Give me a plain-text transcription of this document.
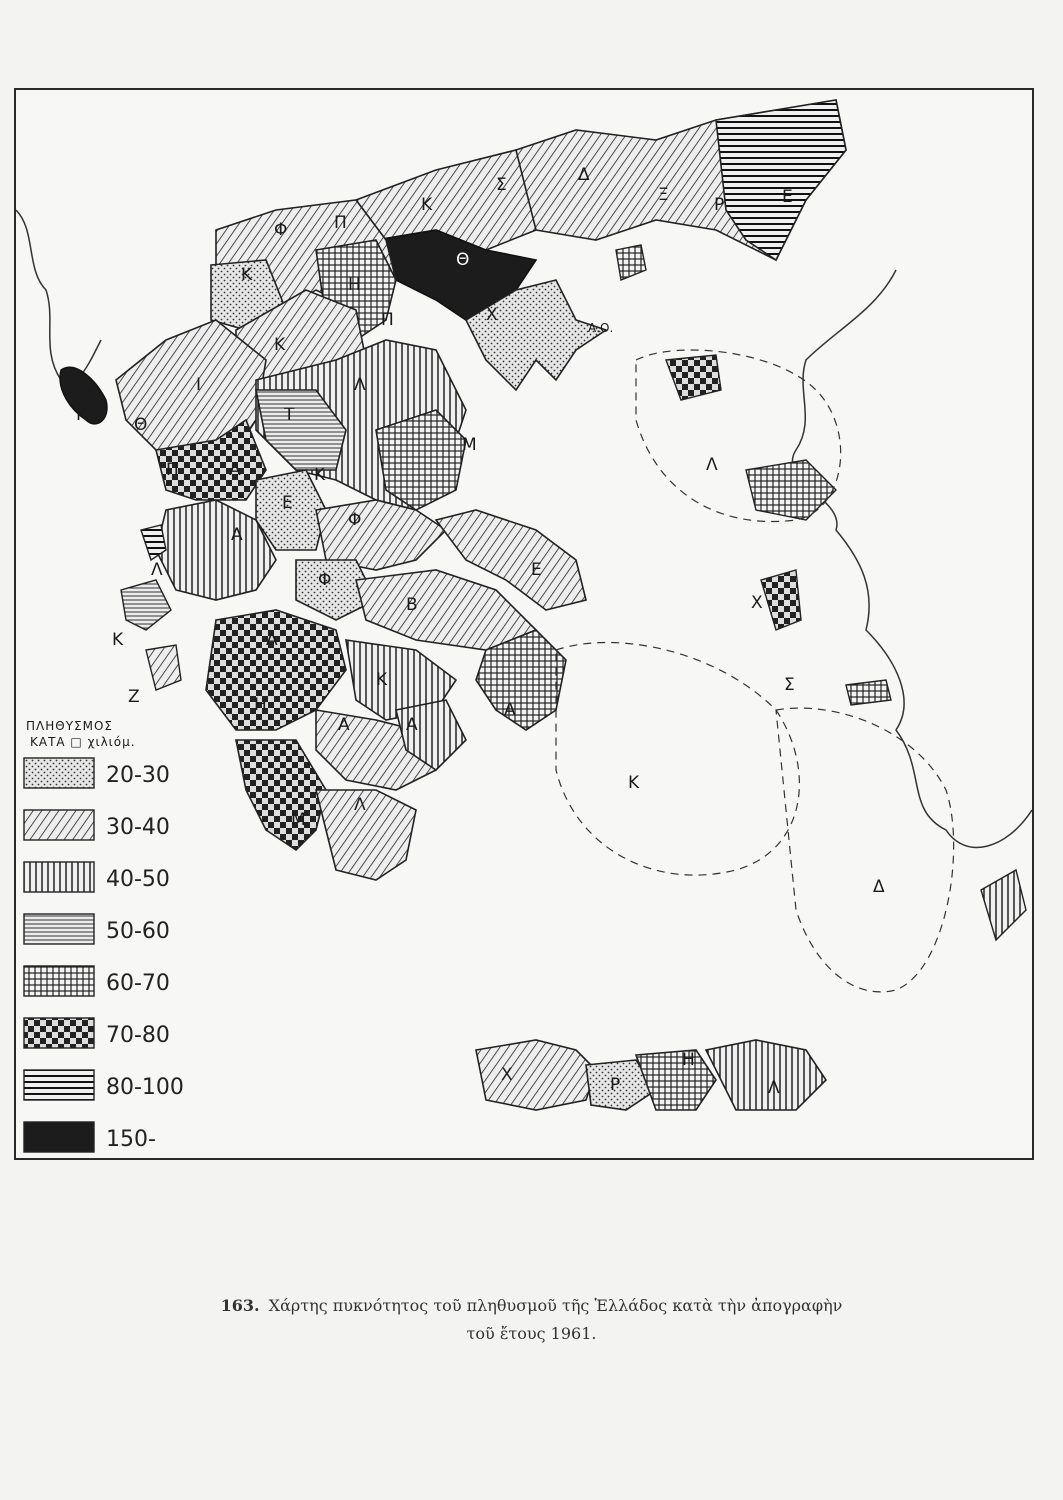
Κ
Φ	Π
Κ
Σ	Δ
Ξ	Ρ	Ε
Κ
Κ
Η
Θ
Χ
Α.Ο.
Π
Ι
Θ
Λ
Τ
Π	Α	Κ
Μ
Λ
Ε
Φ
Α
Λ	Φ	Ε
Χ
Β
Κ	Α
Κ
Α
Σ
Ζ	Η
Α	Α
Κ
Μ
Λ
Δ
Χ	Ρ
Η
Λ
ΠΛΗΘΥΣΜΟΣ
ΚΑΤΑ □ χιλιόμ.
20-30
30-40
40-50
50-60
60-70
70-80
80-100
150-
163. Χάρτης πυκνότητος τοῦ πληθυσμοῦ τῆς Ἑλλάδος κατὰ τὴν ἀπογραφὴν
τοῦ ἔτους 1961.
